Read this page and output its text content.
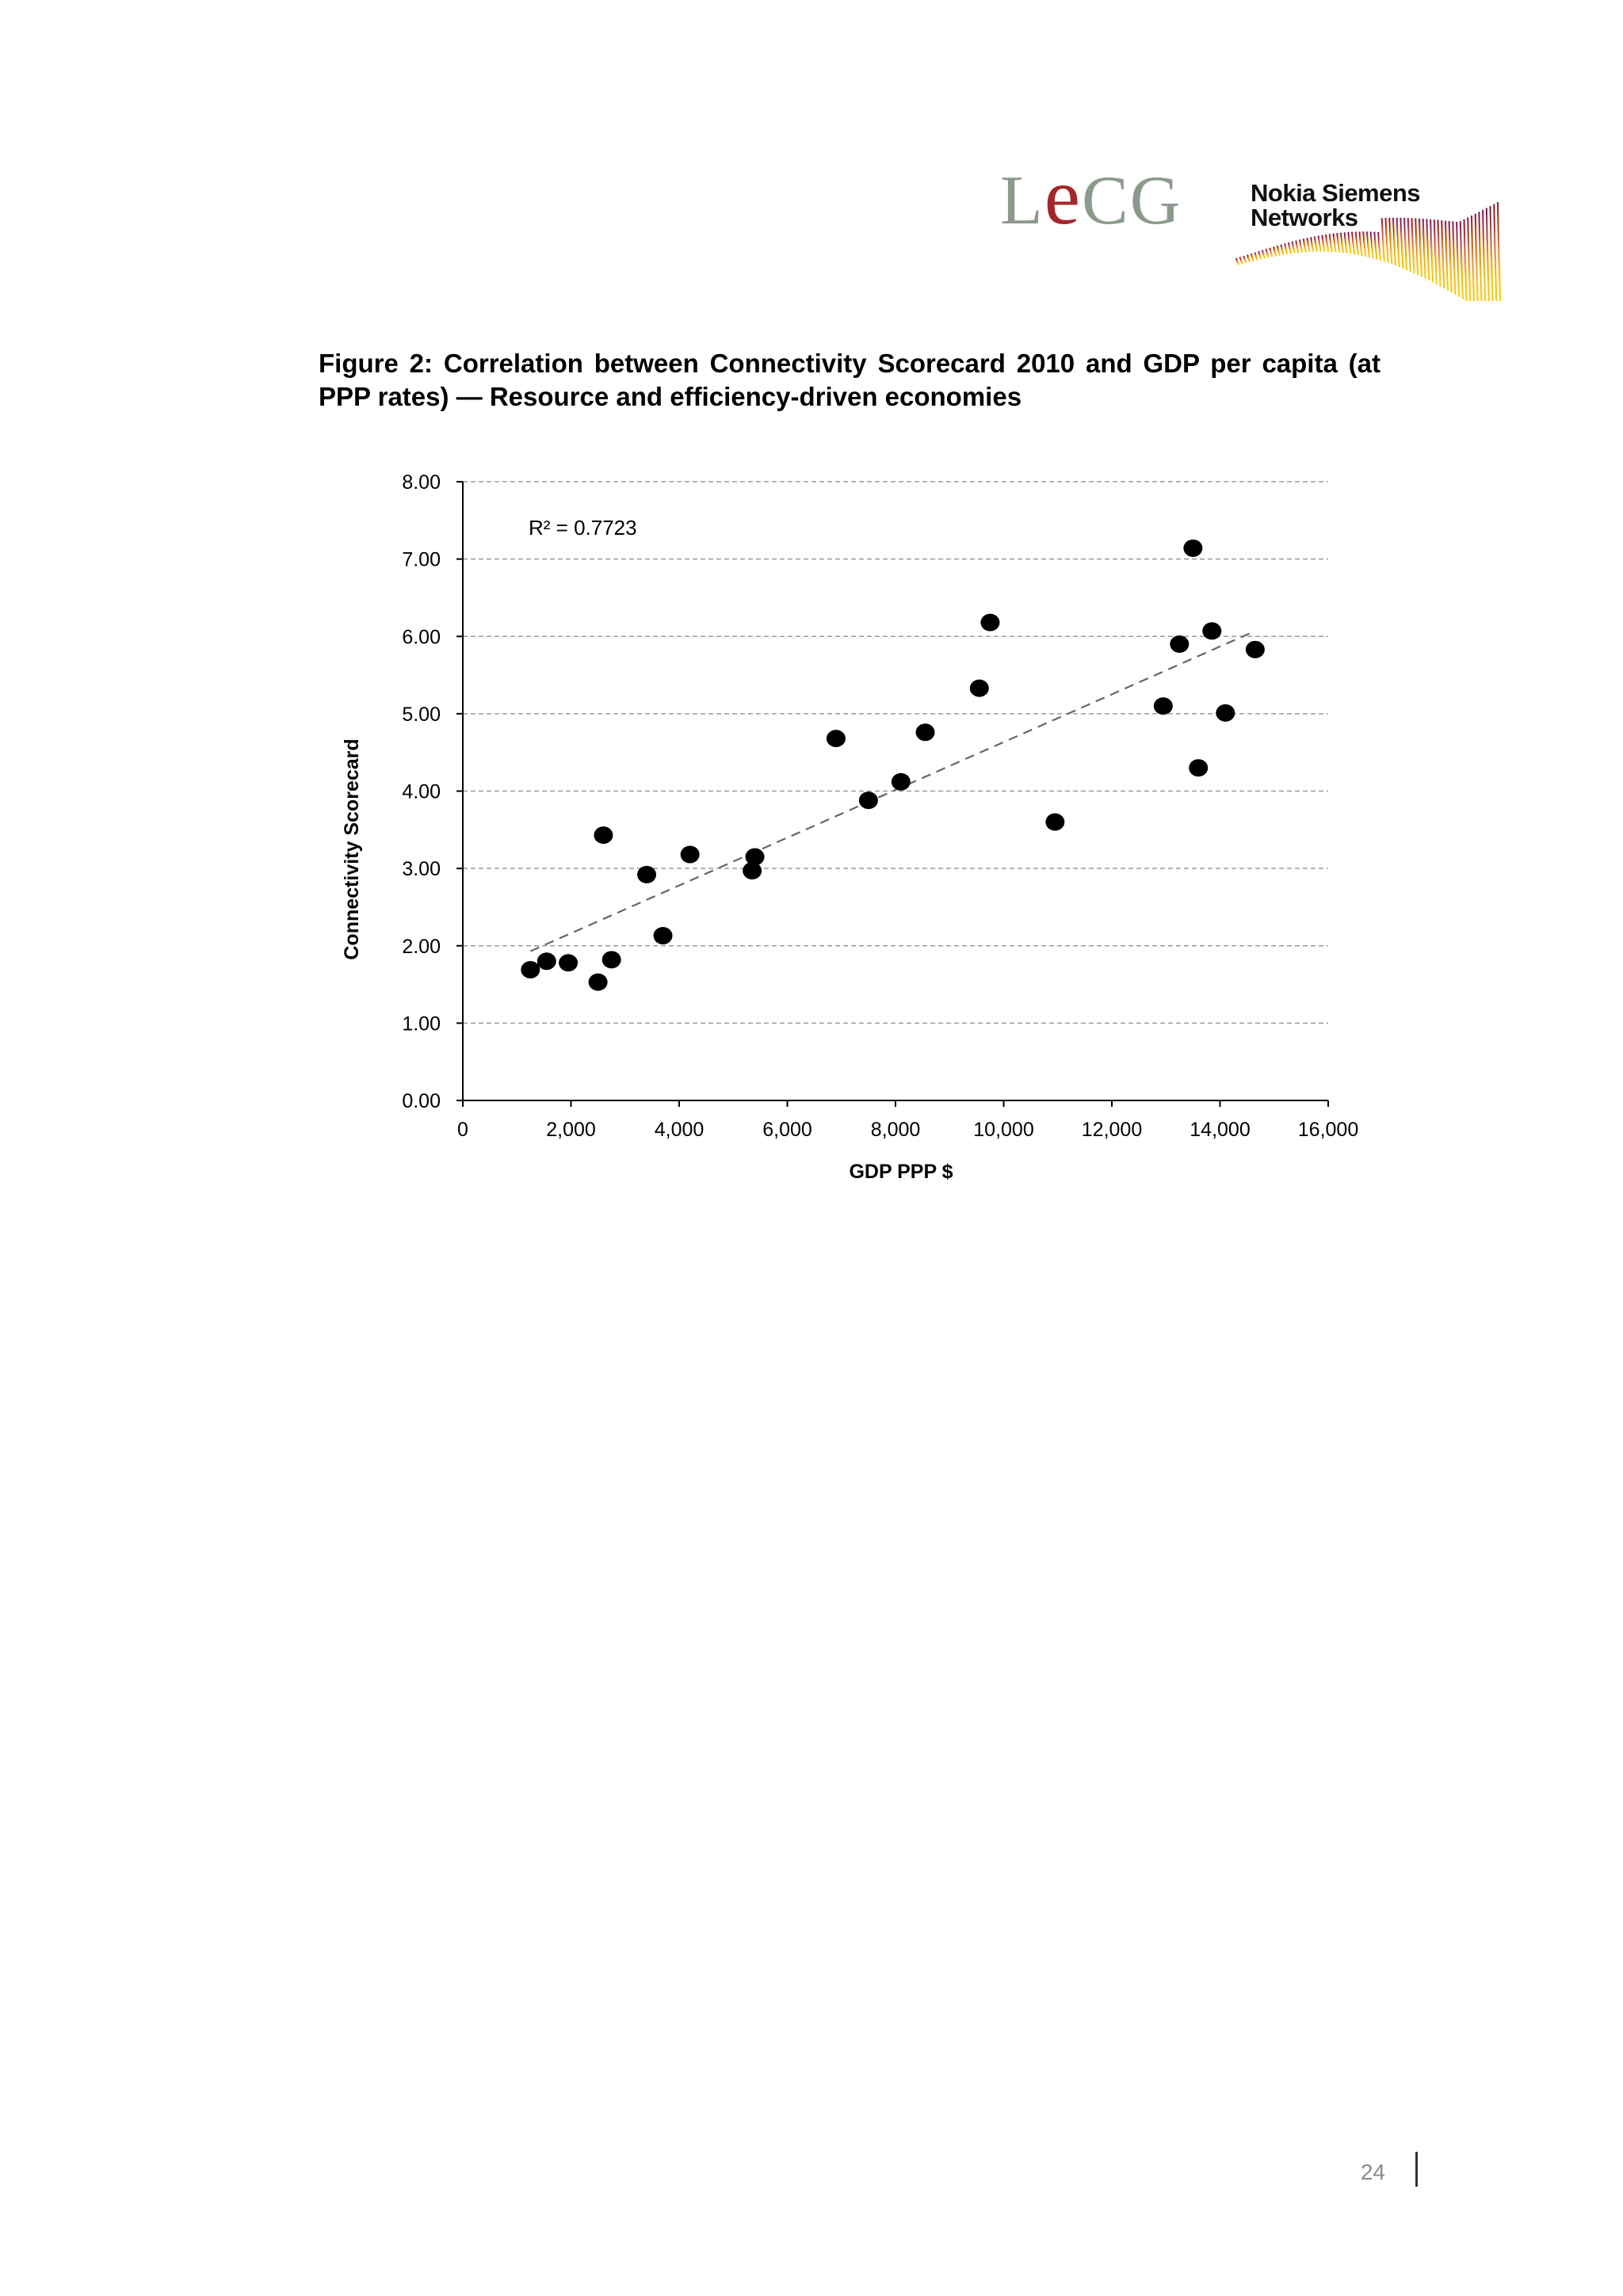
LeCG	Nokia Siemens
Networks
Figure 2: Correlation between Connectivity Scorecard 2010 and GDP per capita (at PPP rates) — Resource and efficiency-driven economies
0.00
1.00
2.00
3.00
4.00
5.00
6.00
7.00
8.00
0	2,000	4,000	6,000	8,000	10,000 12,000 14,000 16,000
R² = 0.7723
GDP PPP $
Connectivity Scorecard
24
